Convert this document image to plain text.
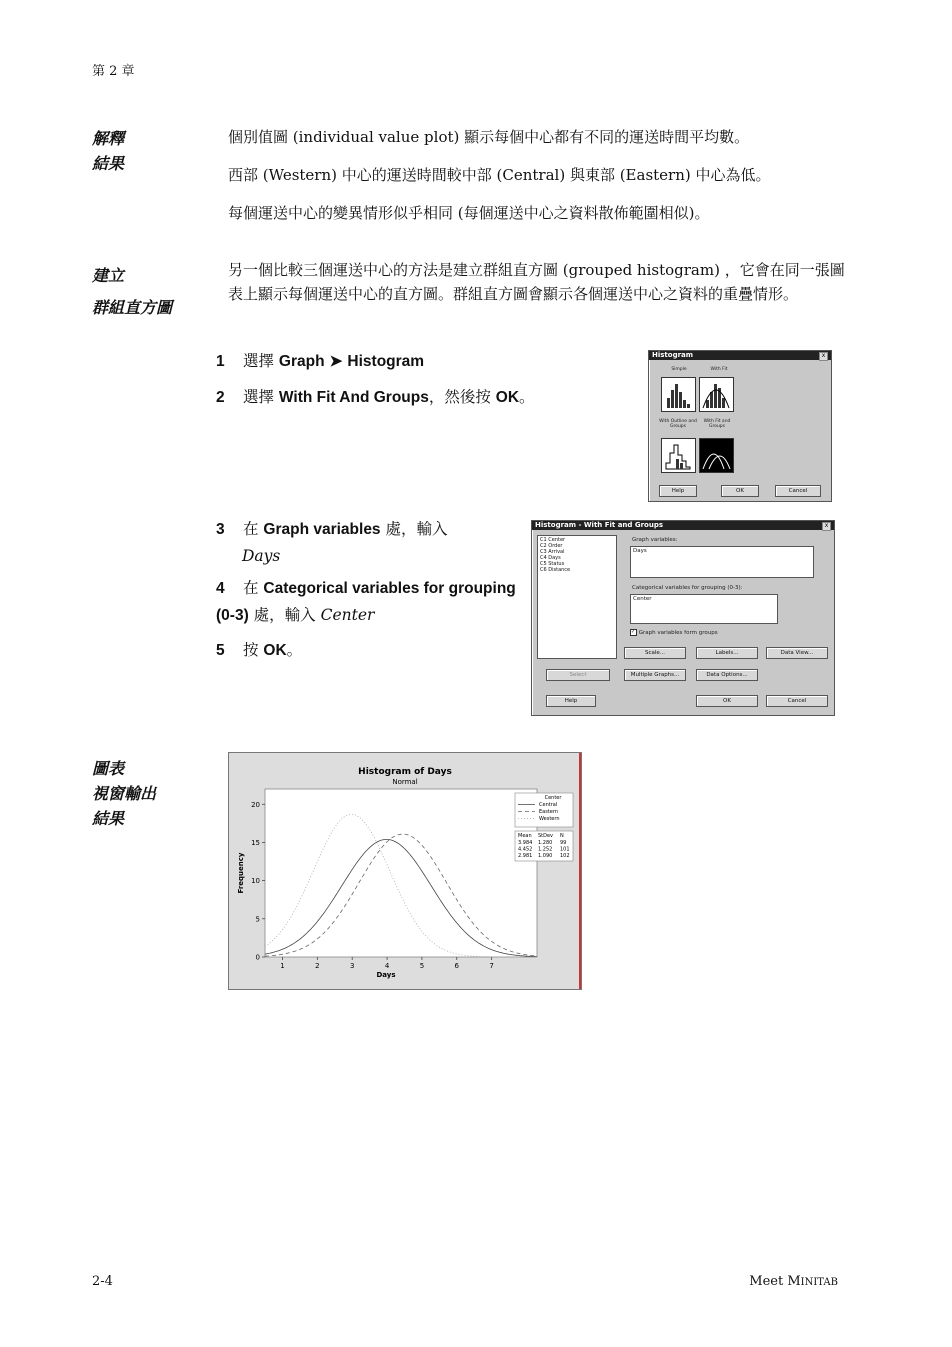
第 2 章
解釋
結果
個別值圖 (individual value plot) 顯示每個中心都有不同的運送時間平均數。
西部 (Western) 中心的運送時間較中部 (Central) 與東部 (Eastern) 中心為低。
每個運送中心的變異情形似乎相同 (每個運送中心之資料散佈範圍相似)。
建立
群組直方圖
另一個比較三個運送中心的方法是建立群組直方圖 (grouped histogram) ，它會在同一張圖表上顯示每個運送中心的直方圖。群組直方圖會顯示各個運送中心之資料的重疊情形。
1 選擇 Graph ➤ Histogram
2 選擇 With Fit And Groups，然後按 OK。
3 在 Graph variables 處，輸入
Days
4 在 Categorical variables for grouping (0-3) 處，輸入 Center
5 按 OK。
Histogram	x
Simple	With Fit
With Outline and Groups
With Fit and Groups
Help	OK	Cancel
Histogram - With Fit and Groups	x
C1 Center
C2 Order
C3 Arrival
C4 Days
C5 Status
C6 Distance
Graph variables:
Days
Categorical variables for grouping (0-3):
Center
✓ Graph variables form groups
Scale...	Labels...	Data View...
Select	Multiple Graphs...	Data Options...
Help	OK	Cancel
圖表
視窗輸出
結果
Histogram of Days
Normal
Days
Frequency
1	2	3	4	5	6	7
0
5
10
15
20
Center
Central
Eastern
Western
Mean StDev N
3.984 1.280 99
4.452 1.252 101
2.981 1.090 102
2-4	Meet MINITAB
